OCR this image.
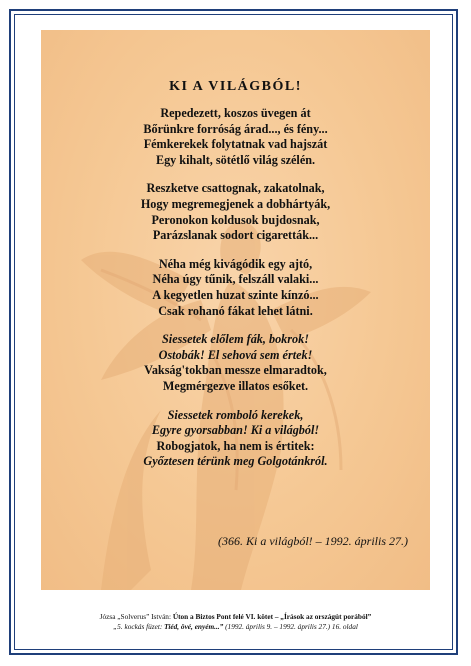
KI A VILÁGBÓL!
Repedezett, koszos üvegen át
Bőrünkre forróság árad..., és fény...
Fémkerekek folytatnak vad hajszát
Egy kihalt, sötétlő világ szélén.
Reszketve csattognak, zakatolnak,
Hogy megremegjenek a dobhártyák,
Peronokon koldusok bujdosnak,
Parázslanak sodort cigaretták...
Néha még kivágódik egy ajtó,
Néha úgy tűnik, felszáll valaki...
A kegyetlen huzat szinte kínzó...
Csak rohanó fákat lehet látni.
Siessetek előlem fák, bokrok!
Ostobák! El sehová sem értek!
Vakság'tokban messze elmaradtok,
Megmérgezve illatos esőket.
Siessetek romboló kerekek,
Egyre gyorsabban! Ki a világból!
Robogjatok, ha nem is értitek:
Győztesen térünk meg Golgotánkról.
(366. Ki a világból! – 1992. április 27.)
Józsa „Solverus” István: Úton a Biztos Pont felé VI. kötet – „Írások az országút porából”
„5. kockás füzet: Tiéd, övé, enyém...” (1992. április 9. – 1992. április 27.) 16. oldal
